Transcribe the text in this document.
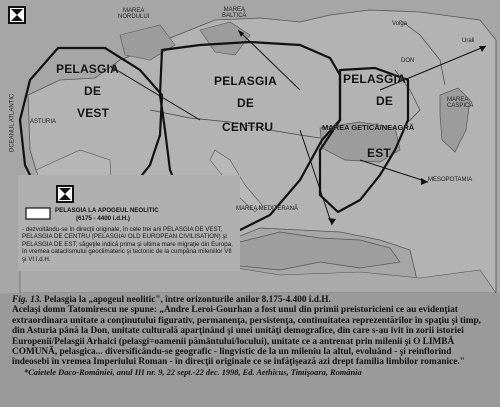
MAREA
NORDULUI
MAREA
BALTICĂ
Volga
DON
Urali
OCEANUL ATLANTIC ASTURIA
MAREA
CASPICĂ
MESOPOTAMIA
MAREA MEDITERANĂ
MAREA GETICĂ/NEAGRĂ
PELASGIA
DE
VEST
PELASGIA
DE
CENTRU
PELASGIA
DE
EST
PELASGIA LA APOGEUL NEOLITIC
(6175 - 4400 i.d.H.)
- dezvoltându-se în direcţii originale, în cele trei arii PELASGIA DE VEST, PELASGIA DE CENTRU (PELASGIA/ OLD EUROPEAN CIVILISATION) şi PELASGIA DE EST; săgeţile indică prima şi ultima mare migraţie din Europa, în vremea cataclismului geoclimateric şi tectonic de la cumpăna mileniilor VII şi VI î.d.H.
Fig. 13. Pelasgia la „apogeul neolitic", între orizonturile anilor 8.175-4.400 î.d.H.
Acelaşi domn Tatomirescu ne spune: „Andre Leroi-Gourhan a fost unul din primii preistoricieni ce au evidenţiat extraordinara unitate a conţinutului figurativ, permanenţa, persistenţa, continuitatea reprezentărilor în spaţiu şi timp, din Asturia până la Don, unitate culturală aparţinând şi unei unităţi demografice, din care s-au ivit în zorii istoriei Europenii/Pelasgii Arhaici (pelasgi=oamenii pământului/locului), unitate ce a antrenat prin milenii şi O LIMBĂ COMUNĂ, pelasgica... diversificându-se geografic - lingvistic de la un mileniu la altul, evoluând - şi reinflorind îndeosebi în vremea Imperiului Roman - în direcţii originale ce se înfăţişează azi drept familia limbilor romanice."
*Caietele Daco-României, anul III nr. 9, 22 sept.-22 dec. 1998, Ed. Aethicus, Timişoara, România
